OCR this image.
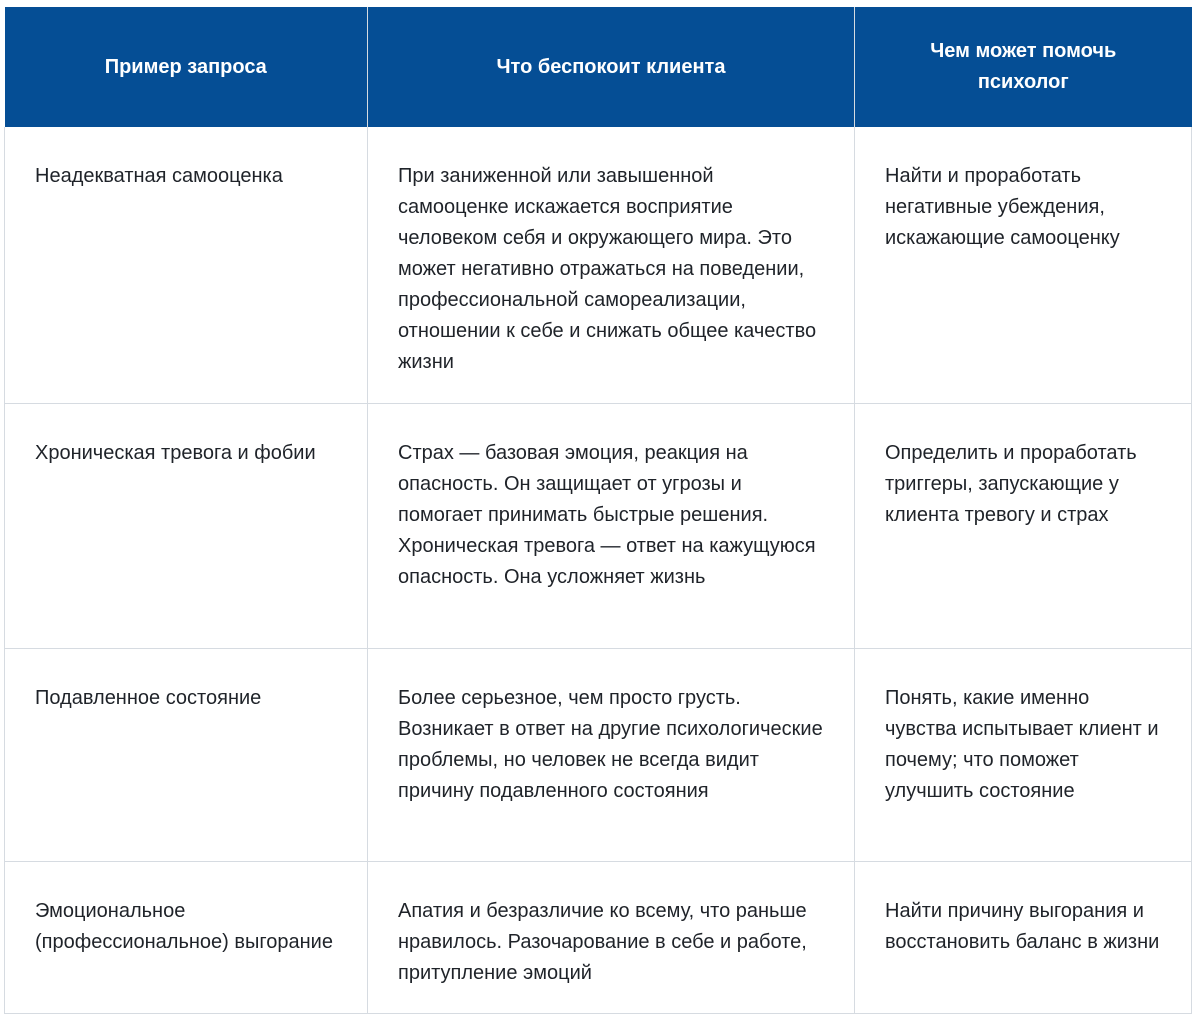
Пример запроса	Что беспокоит клиента	Чем может помочь психолог
Неадекватная самооценка	При заниженной или завышенной самооценке искажается восприятие человеком себя и окружающего мира. Это может негативно отражаться на поведении, профессиональной самореализации, отношении к себе и снижать общее качество жизни	Найти и проработать негативные убеждения, искажающие самооценку
Хроническая тревога и фобии	Страх — базовая эмоция, реакция на опасность. Он защищает от угрозы и помогает принимать быстрые решения. Хроническая тревога — ответ на кажущуюся опасность. Она усложняет жизнь	Определить и проработать триггеры, запускающие у клиента тревогу и страх
Подавленное состояние	Более серьезное, чем просто грусть. Возникает в ответ на другие психологические проблемы, но человек не всегда видит причину подавленного состояния	Понять, какие именно чувства испытывает клиент и почему; что поможет улучшить состояние
Эмоциональное (профессиональное) выгорание	Апатия и безразличие ко всему, что раньше нравилось. Разочарование в себе и работе, притупление эмоций	Найти причину выгорания и восстановить баланс в жизни
